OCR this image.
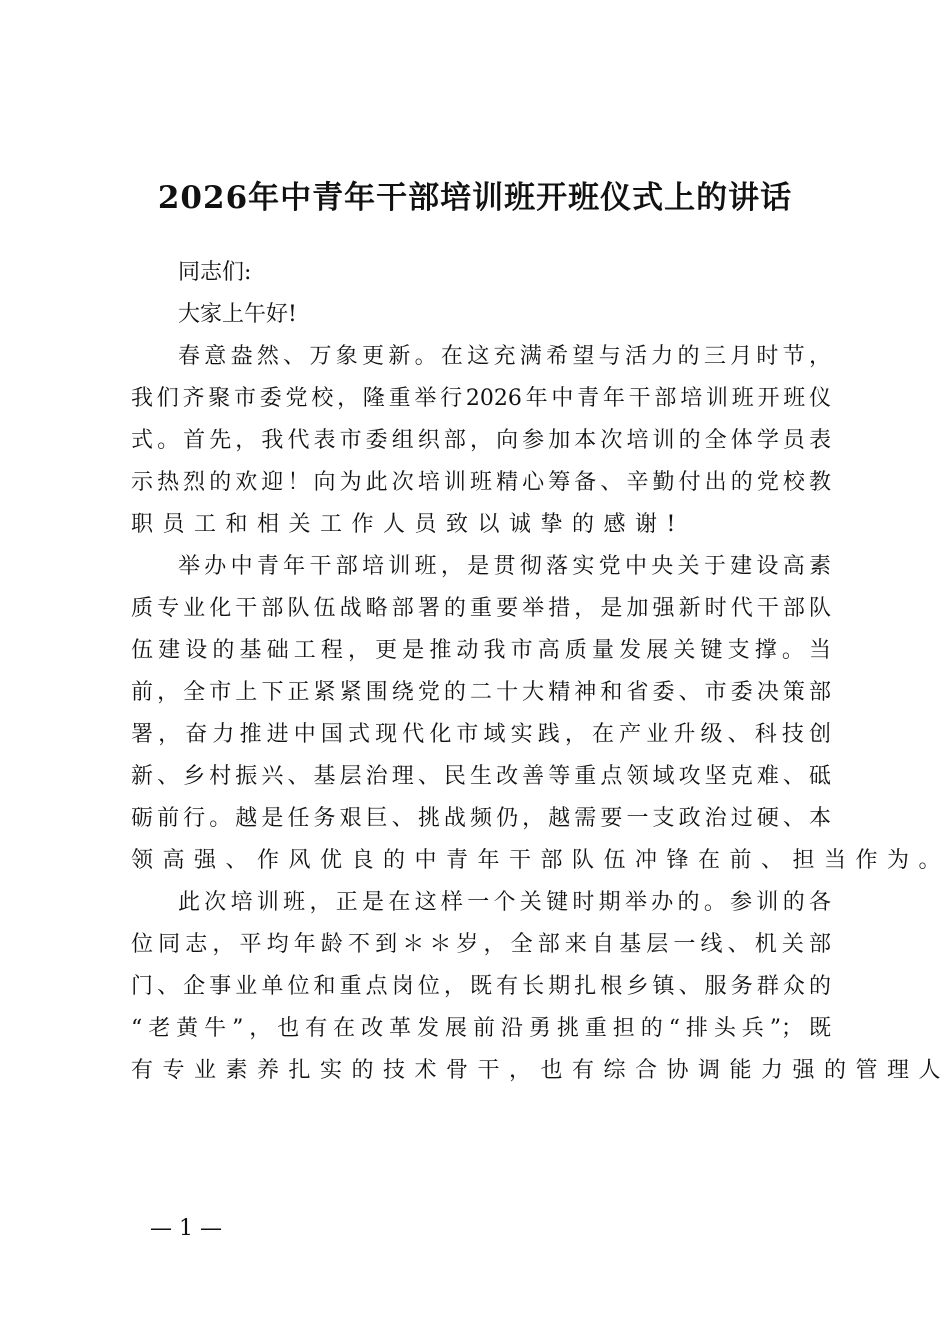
2026年中青年干部培训班开班仪式上的讲话
同志们:
大家上午好!
春意盎然、万象更新。在这充满希望与活力的三月时节，
我们齐聚市委党校，隆重举行2026年中青年干部培训班开班仪
式。首先，我代表市委组织部，向参加本次培训的全体学员表
示热烈的欢迎！向为此次培训班精心筹备、辛勤付出的党校教
职员工和相关工作人员致以诚挚的感谢!
举办中青年干部培训班，是贯彻落实党中央关于建设高素
质专业化干部队伍战略部署的重要举措，是加强新时代干部队
伍建设的基础工程，更是推动我市高质量发展关键支撑。当
前，全市上下正紧紧围绕党的二十大精神和省委、市委决策部
署，奋力推进中国式现代化市域实践，在产业升级、科技创
新、乡村振兴、基层治理、民生改善等重点领域攻坚克难、砥
砺前行。越是任务艰巨、挑战频仍，越需要一支政治过硬、本
领高强、作风优良的中青年干部队伍冲锋在前、担当作为。
此次培训班，正是在这样一个关键时期举办的。参训的各
位同志，平均年龄不到＊＊岁，全部来自基层一线、机关部
门、企事业单位和重点岗位，既有长期扎根乡镇、服务群众的
“老黄牛”，也有在改革发展前沿勇挑重担的“排头兵”；既
有专业素养扎实的技术骨干，也有综合协调能力强的管理人
— 1 —
